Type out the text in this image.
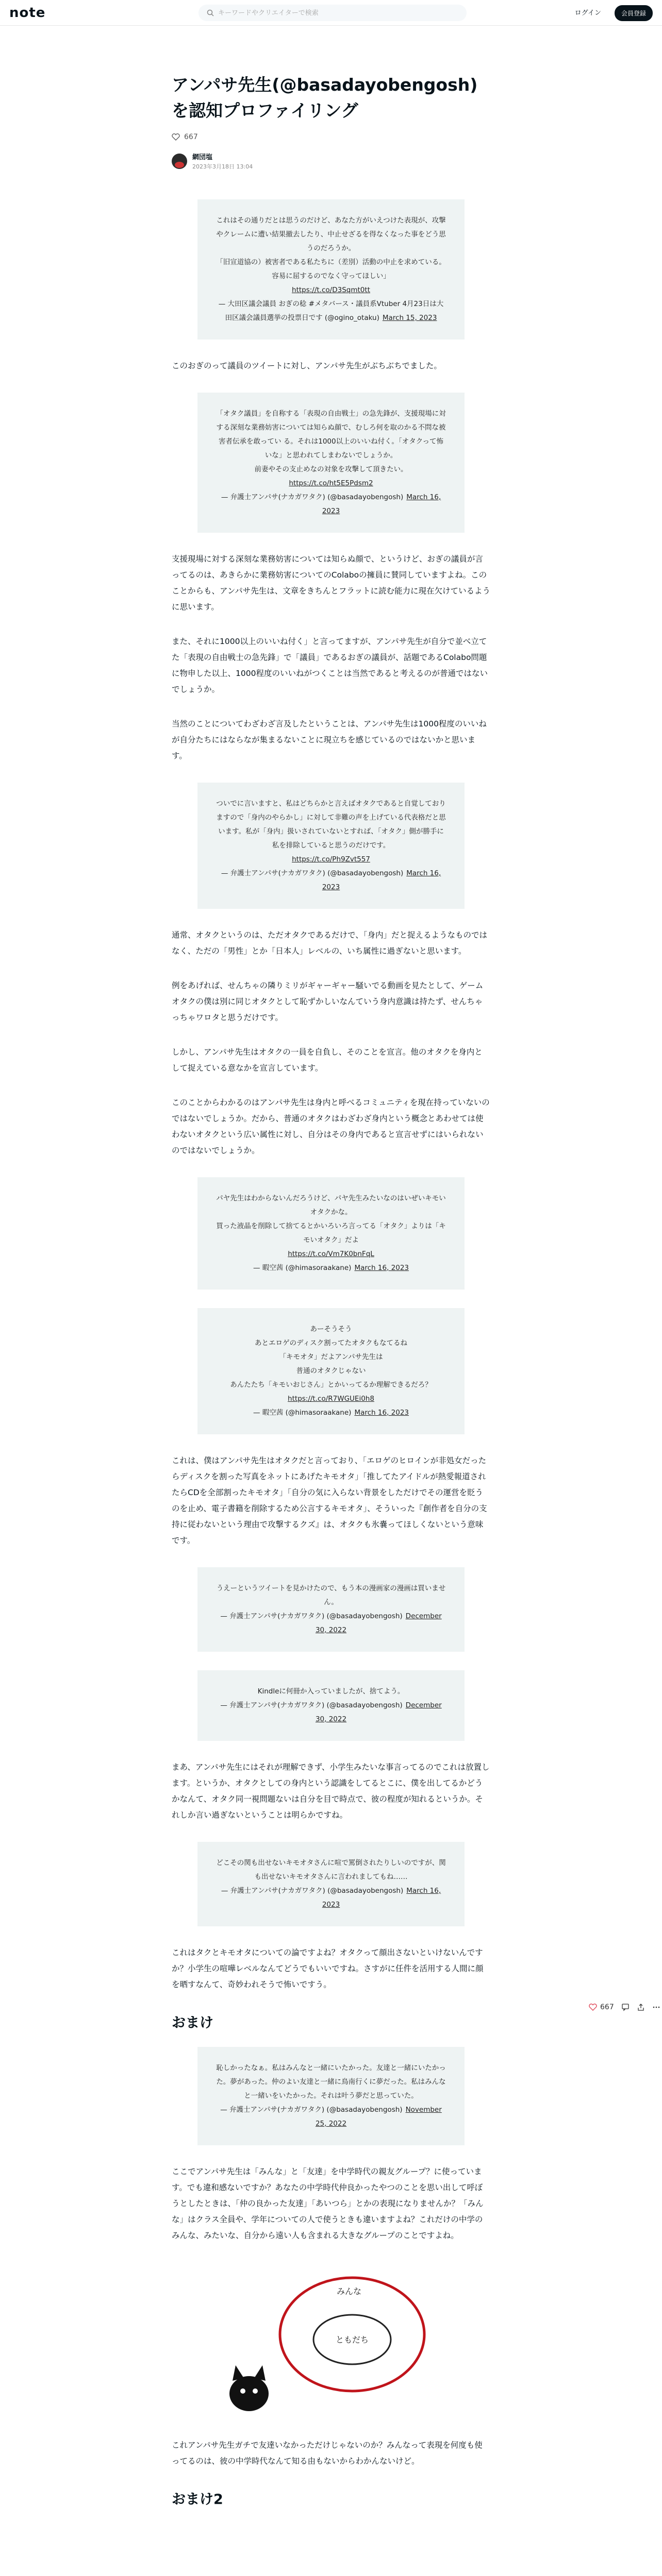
note
キーワードやクリエイターで検索	ログイン	会員登録
アンパサ先生(@basadayobengosh)を認知プロファイリング
667
網団塩
2023年3月18日 13:04
これはその通りだとは思うのだけど、あなた方がいえつけた表現が、攻撃やクレームに遭い結果撤去したり、中止せざるを得なくなった事をどう思うのだろうか。
「旧宣道協の）被害者である私たちに（差別）活動の中止を求めている。容易に屈するのでなく守ってほしい」
https://t.co/D3Sqmt0tt
— 大田区議会議員 おぎの稔 #メタバース・議員系Vtuber 4月23日は大田区議会議員選挙の投票日です (@ogino_otaku) March 15, 2023

このおぎのって議員のツイートに対し、アンパサ先生がぶちぶちでました。

「オタク議員」を自称する「表現の自由戦士」の急先鋒が、支援現場に対する深刻な業務妨害については知らぬ顔で、むしろ何を取のかる不問な被害者伝承を敢ってい る。それは1000以上のいいね付く。「オタクって怖いな」と思われてしまわないでしょうか。
前妻やその支止めなの対象を攻撃して頂きたい。
https://t.co/ht5E5Pdsm2
— 弁護士アンパサ(ナカガワタク) (@basadayobengosh) March 16, 2023

支援現場に対する深刻な業務妨害については知らぬ顔で、というけど、おぎの議員が言ってるのは、あきらかに業務妨害についてのColaboの擁員に賛同していますよね。このことからも、アンパサ先生は、文章をきちんとフラットに読む能力に現在欠けているように思います。

また、それに1000以上のいいね付く」と言ってますが、アンパサ先生が自分で並べ立てた「表現の自由戦士の急先鋒」で「議員」であるおぎの議員が、話題であるColabo問題に物申した以上、1000程度のいいねがつくことは当然であると考えるのが普通ではないでしょうか。

当然のことについてわざわざ言及したということは、アンパサ先生は1000程度のいいねが自分たちにはならなが集まるないことに現立ちを感じているのではないかと思います。

ついでに言いますと、私はどちらかと言えばオタクであると自覚しておりますので「身内のやらかし」に対して非難の声を上げている代表格だと思います。私が「身内」扱いされていないとすれば、「オタク」側が勝手に私を排除していると思うのだけです。
https://t.co/Ph9Zvt557
— 弁護士アンパサ(ナカガワタク) (@basadayobengosh) March 16, 2023

通常、オタクというのは、ただオタクであるだけで、「身内」だと捉えるようなものではなく、ただの「男性」とか「日本人」レベルの、いち属性に過ぎないと思います。

例をあげれば、せんちゃの隣りミリがギャーギャー騒いでる動画を見たとして、ゲームオタクの僕は別に同じオタクとして恥ずかしいなんていう身内意識は持たず、せんちゃっちゃワロタと思うだけです。

しかし、アンパサ先生はオタクの一員を自負し、そのことを宣言。他のオタクを身内として捉えている意なかを宣言しています。

このことからわかるのはアンパサ先生は身内と呼べるコミュニティを現在持っていないのではないでしょうか。だから、普通のオタクはわざわざ身内という概念とあわせては使わないオタクという広い属性に対し、自分はその身内であると宣言せずにはいられないのではないでしょうか。

パヤ先生はわからないんだろうけど、パヤ先生みたいなのはいぜいキモいオタクかな。
買った液晶を削除して捨てるとかいろいろ言ってる「オタク」よりは「キモいオタク」だよ
https://t.co/Vm7K0bnFqL
— 暇空茜 (@himasoraakane) March 16, 2023
あーそうそう
あとエロゲのディスク割ってたオタクもなてるね
「キモオタ」だよアンパサ先生は
普通のオタクじゃない
あんたたち「キモいおじさん」とかいってるか理解できるだろ？
https://t.co/R7WGUEi0h8
— 暇空茜 (@himasoraakane) March 16, 2023

これは、僕はアンパサ先生はオタクだと言っており、「エロゲのヒロインが非処女だったらディスクを割った写真をネットにあげたキモオタ」「推してたアイドルが熱愛報道されたらCDを全部割ったキモオタ」「自分の気に入らない背景をしただけでその運営を貶うのを止め、電子書籍を削除するため公言するキモオタ」、そういった『創作者を自分の支持に従わないという理由で攻撃するクズ』は、オタクも氷嚢ってほしくないという意味です。

うえーというツイートを見かけたので、もう本の漫画家の漫画は買いません。
— 弁護士アンパサ(ナカガワタク) (@basadayobengosh) December 30, 2022
Kindleに何冊か入っていましたが、捨てよう。
— 弁護士アンパサ(ナカガワタク) (@basadayobengosh) December 30, 2022

まあ、アンパサ先生にはそれが理解できず、小学生みたいな事言ってるのでこれは放置します。というか、オタクとしての身内という認識をしてるとこに、僕を出してるかどうかなんて、オタク同一視問題ないは自分を目で時点で、彼の程度が知れるというか。それしか言い過ぎないということは明らかですね。

どこその関も出せないキモオタさんに喧で罵倒されたりしいのですが、関も出せないキモオタさんに言われましてもね……
— 弁護士アンパサ(ナカガワタク) (@basadayobengosh) March 16, 2023

これはタクとキモオタについての論ですよね？オタクって顔出さないといけないんですか？小学生の喧嘩レベルなんてどうでもいいですね。さすがに任件を活用する人間に顔を晒すなんて、奇妙われそうで怖いですう。

おまけ
恥しかったなぁ。私はみんなと一緒にいたかった。友達と一緒にいたかった。夢があった。仲のよい友達と一緒に鳥南行くに夢だった。私はみんなと一緒いをいたかった。それは叶う夢だと思っていた。
— 弁護士アンパサ(ナカガワタク) (@basadayobengosh) November 25, 2022

ここでアンパサ先生は「みんな」と「友達」を中学時代の親友グループ？に使っています。でも違和感ないですか？あなたの中学時代仲良かったやつのことを思い出して呼ぼうとしたときは、「仲の良かった友達」「あいつら」とかの表現になりませんか？「みんな」はクラス全員や、学年についての人で使うときも違いますよね？これだけの中学のみんな、みたいな、自分から遠い人も含まれる大きなグループのことですよね。

みんな
ともだち

これアンパサ先生ガチで友達いなかっただけじゃないのか？みんなって表現を何度も使ってるのは、彼の中学時代なんて知る由もないからわかんないけど。

おまけ2
667
